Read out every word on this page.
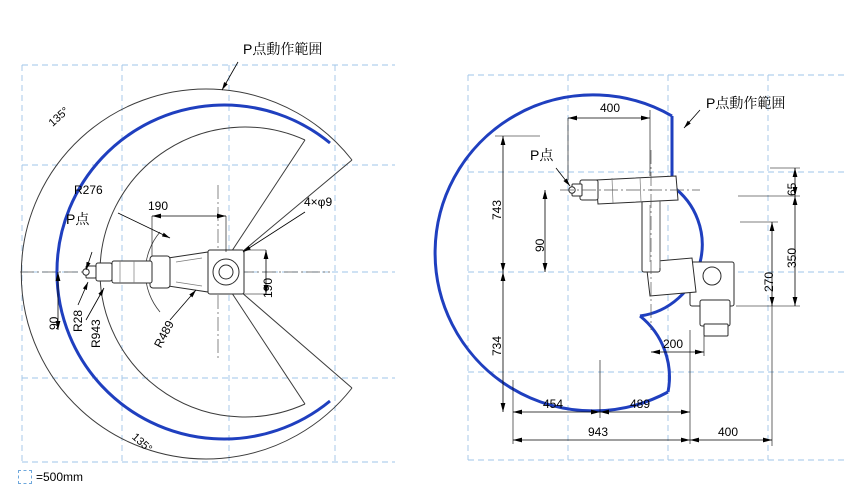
P点動作範囲
135°
135°
R276
P点
190	4×φ9
190
90 R28 R943	R489
P点動作範囲
P点
400
743
734
90
65
350
270
200
454	489
943	400
=500mm
